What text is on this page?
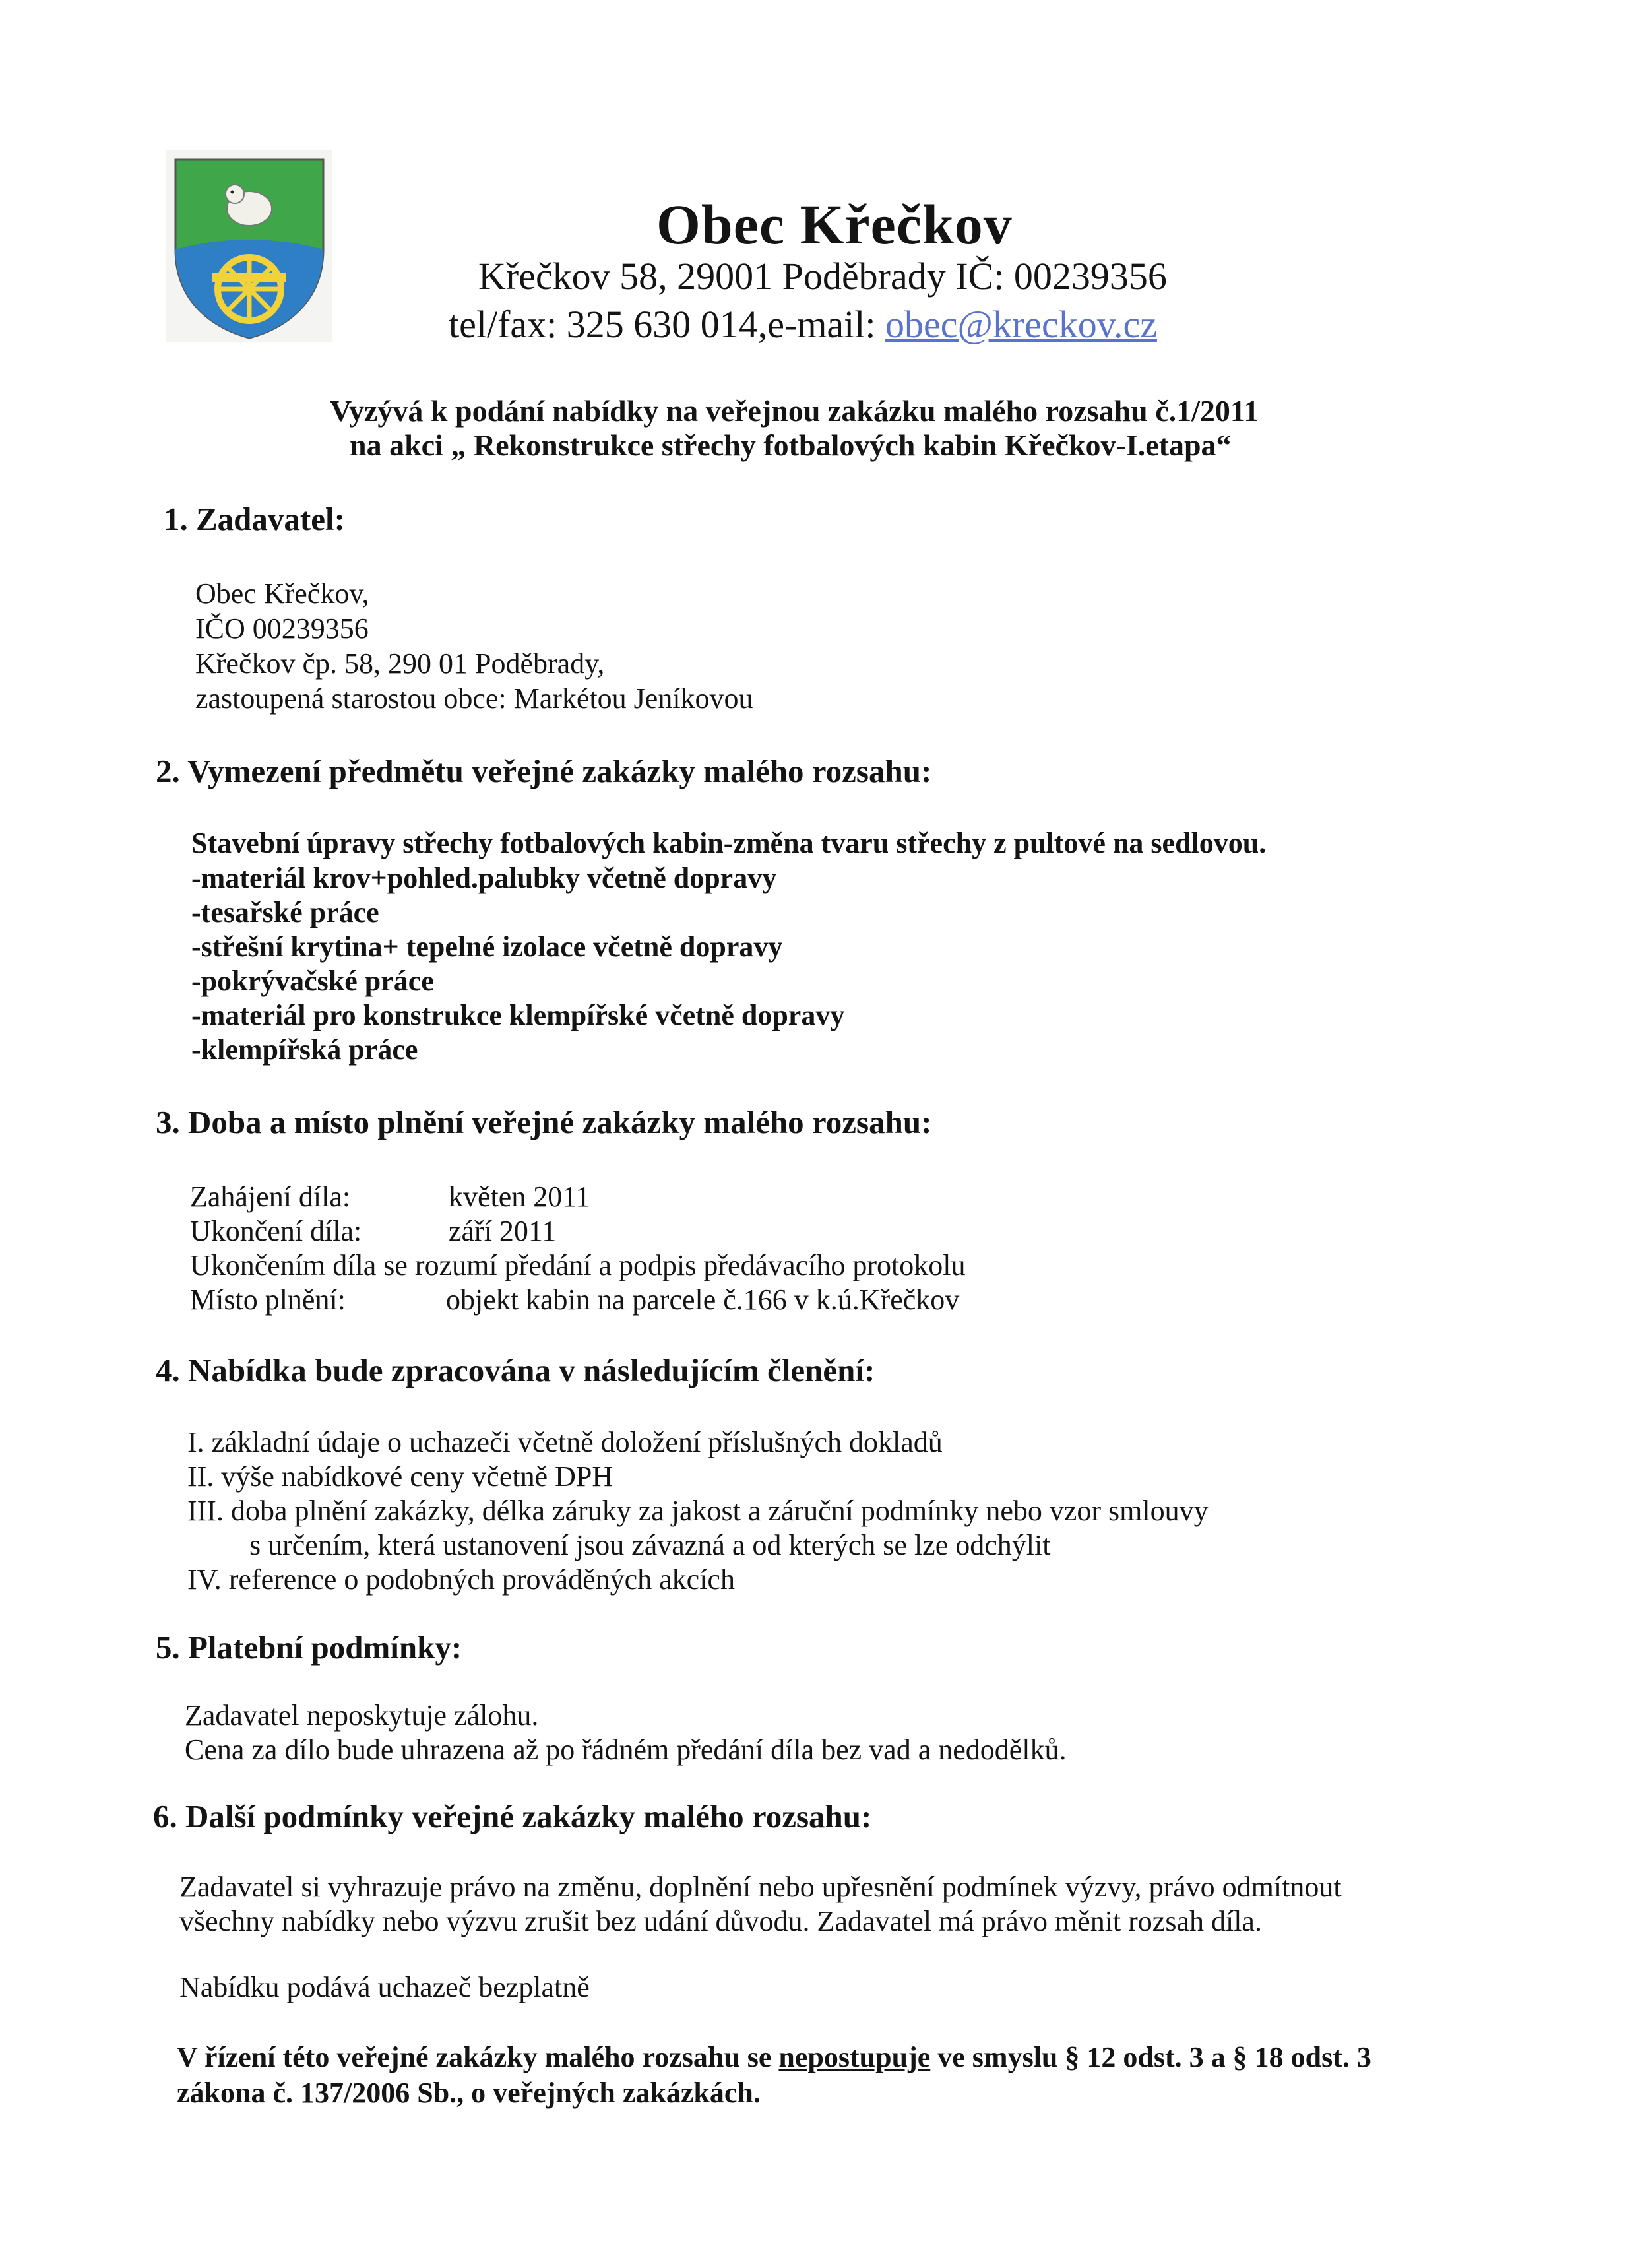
Obec Křečkov
Křečkov 58, 29001 Poděbrady IČ: 00239356
tel/fax: 325 630 014,e-mail: obec@kreckov.cz
Vyzývá k podání nabídky na veřejnou zakázku malého rozsahu č.1/2011
na akci „ Rekonstrukce střechy fotbalových kabin Křečkov-I.etapa“
1. Zadavatel:
Obec Křečkov,
IČO 00239356
Křečkov čp. 58, 290 01 Poděbrady,
zastoupená starostou obce: Markétou Jeníkovou
2. Vymezení předmětu veřejné zakázky malého rozsahu:
Stavební úpravy střechy fotbalových kabin-změna tvaru střechy z pultové na sedlovou.
-materiál krov+pohled.palubky včetně dopravy
-tesařské práce
-střešní krytina+ tepelné izolace včetně dopravy
-pokrývačské práce
-materiál pro konstrukce klempířské včetně dopravy
-klempířská práce
3. Doba a místo plnění veřejné zakázky malého rozsahu:
Zahájení díla:	květen 2011
Ukončení díla:	září 2011
Ukončením díla se rozumí předání a podpis předávacího protokolu
Místo plnění:	objekt kabin na parcele č.166 v k.ú.Křečkov
4. Nabídka bude zpracována v následujícím členění:
I. základní údaje o uchazeči včetně doložení příslušných dokladů
II. výše nabídkové ceny včetně DPH
III. doba plnění zakázky, délka záruky za jakost a záruční podmínky nebo vzor smlouvy
s určením, která ustanovení jsou závazná a od kterých se lze odchýlit
IV. reference o podobných prováděných akcích
5. Platební podmínky:
Zadavatel neposkytuje zálohu.
Cena za dílo bude uhrazena až po řádném předání díla bez vad a nedodělků.
6. Další podmínky veřejné zakázky malého rozsahu:
Zadavatel si vyhrazuje právo na změnu, doplnění nebo upřesnění podmínek výzvy, právo odmítnout
všechny nabídky nebo výzvu zrušit bez udání důvodu. Zadavatel má právo měnit rozsah díla.
Nabídku podává uchazeč bezplatně
V řízení této veřejné zakázky malého rozsahu se nepostupuje ve smyslu § 12 odst. 3 a § 18 odst. 3
zákona č. 137/2006 Sb., o veřejných zakázkách.
